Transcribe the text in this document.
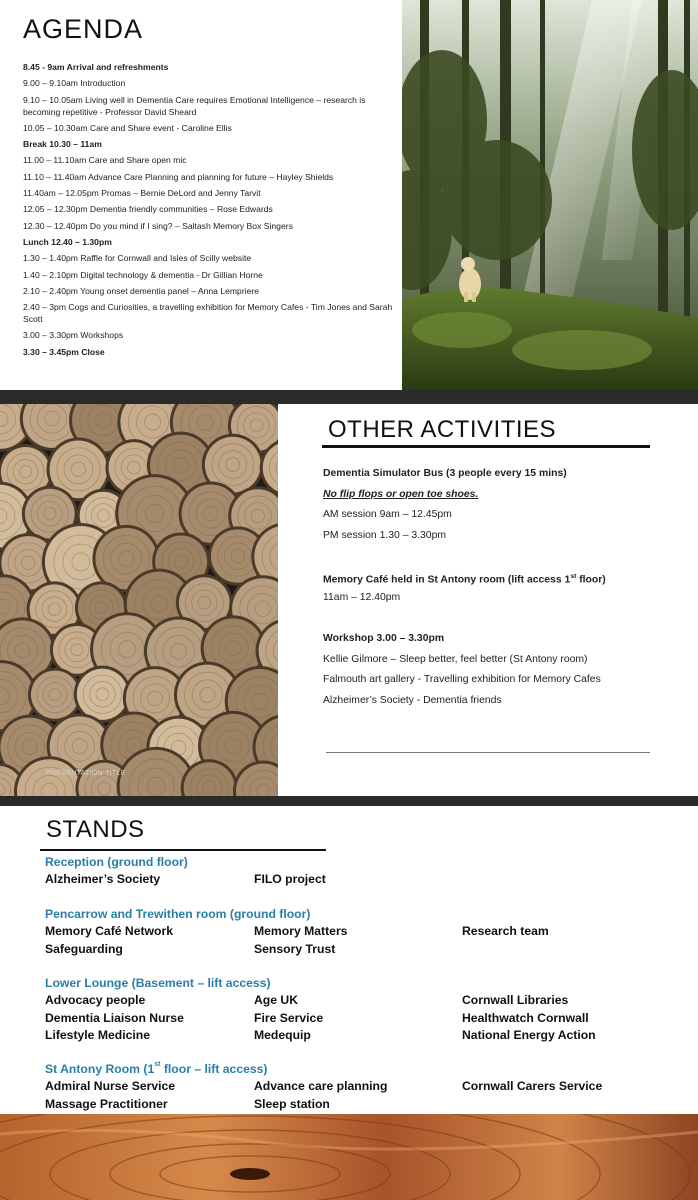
AGENDA

8.45 - 9am Arrival and refreshments

9.00 – 9.10am Introduction

9.10 – 10.05am Living well in Dementia Care requires Emotional Intelligence – research is becoming repetitive - Professor David Sheard

10.05 – 10.30am Care and Share event - Caroline Ellis

Break 10.30 – 11am

11.00 – 11.10am Care and Share open mic

11.10 – 11.40am Advance Care Planning and planning for future – Hayley Shields

11.40am – 12.05pm Promas – Bernie DeLord and Jenny Tarvit

12.05 – 12.30pm Dementia friendly communities – Rose Edwards

12.30 – 12.40pm Do you mind if I sing? – Saltash Memory Box Singers

Lunch 12.40 – 1.30pm

1.30 – 1.40pm Raffle for Cornwall and Isles of Scilly website

1.40 – 2.10pm Digital technology & dementia - Dr Gillian Horne

2.10 – 2.40pm Young onset dementia panel – Anna Lempriere

2.40 – 3pm Cogs and Curiosities, a travelling exhibition for Memory Cafes - Tim Jones and Sarah Scott

3.00 – 3.30pm Workshops

3.30 – 3.45pm Close

PRESENTATION TITLE
OTHER ACTIVITIES

Dementia Simulator Bus (3 people every 15 mins)

No flip flops or open toe shoes.

AM session 9am – 12.45pm

PM session 1.30 – 3.30pm

Memory Café held in St Antony room (lift access 1st floor)

11am – 12.40pm

Workshop 3.00 – 3.30pm

Kellie Gilmore – Sleep better, feel better (St Antony room)

Falmouth art gallery - Travelling exhibition for Memory Cafes

Alzheimer’s Society - Dementia friends

STANDS

Reception (ground floor)

Alzheimer’s Society	FILO project

Pencarrow and Trewithen room (ground floor)

Memory Café Network	Memory Matters	Research team
Safeguarding	Sensory Trust

Lower Lounge (Basement – lift access)

Advocacy people	Age UK	Cornwall Libraries
Dementia Liaison Nurse	Fire Service	Healthwatch Cornwall
Lifestyle Medicine	Medequip	National Energy Action

St Antony Room (1st floor – lift access)

Admiral Nurse Service	Advance care planning	Cornwall Carers Service
Massage Practitioner	Sleep station
